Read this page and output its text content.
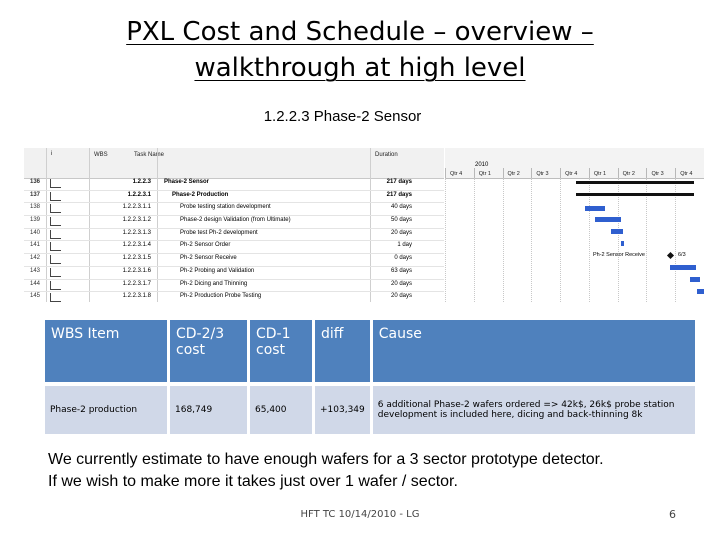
PXL Cost and Schedule – overview –
walkthrough at high level
1.2.2.3 Phase-2 Sensor
i	WBS	Task Name	Duration
136	1.2.2.3 Phase-2 Sensor	217 days
137	1.2.2.3.1	Phase-2 Production	217 days
138	1.2.2.3.1.1	Probe testing station development	40 days
139	1.2.2.3.1.2	Phase-2 design Validation (from Ultimate)	50 days
140	1.2.2.3.1.3	Probe test Ph-2 development	20 days
141	1.2.2.3.1.4	Ph-2 Sensor Order	1 day
142	1.2.2.3.1.5	Ph-2 Sensor Receive	0 days
143	1.2.2.3.1.6	Ph-2 Probing and Validation	63 days
144	1.2.2.3.1.7	Ph-2 Dicing and Thinning	20 days
145	1.2.2.3.1.8	Ph-2 Production Probe Testing	20 days
2010
Qtr 4	Qtr 1	Qtr 2	Qtr 3	Qtr 4	Qtr 1	Qtr 2	Qtr 3	Qtr 4
Ph-2 Sensor Receive	6/3
WBS Item	CD-2/3 cost	CD-1 cost	diff	Cause
Phase-2 production	168,749	65,400	+103,349	6 additional Phase-2 wafers ordered => 42k$, 26k$ probe station development is included here, dicing and back-thinning 8k
We currently estimate to have enough wafers for a 3 sector prototype detector.
If we wish to make more it takes just over 1 wafer / sector.
HFT TC 10/14/2010 - LG	6
